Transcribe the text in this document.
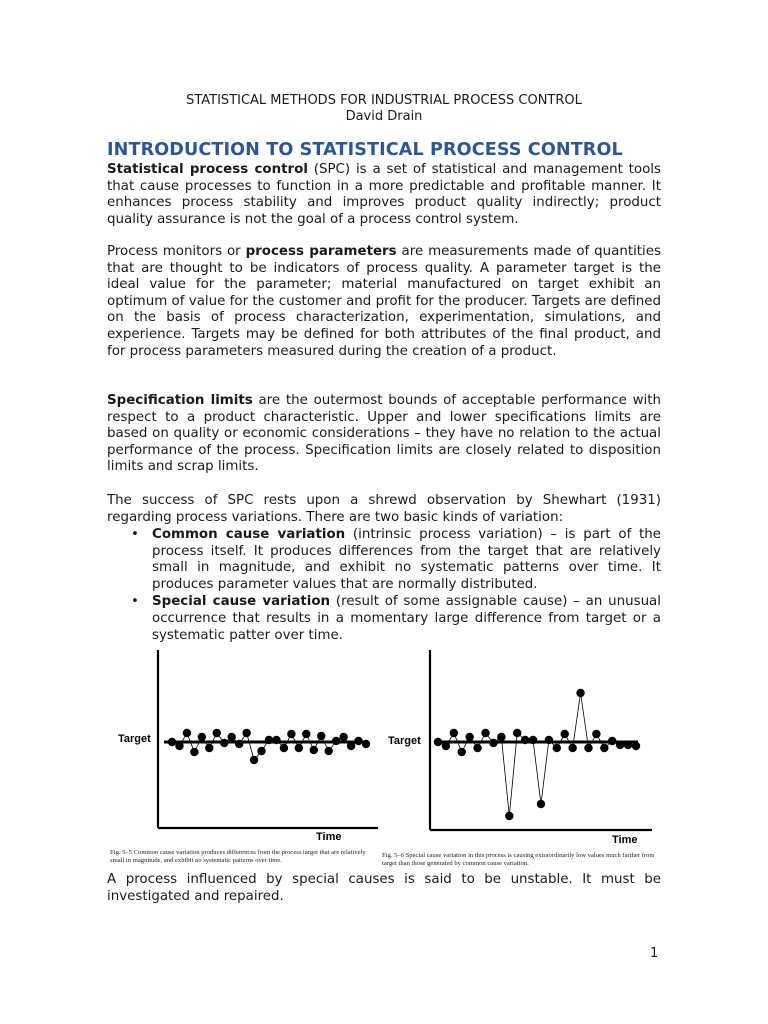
STATISTICAL METHODS FOR INDUSTRIAL PROCESS CONTROL
David Drain
INTRODUCTION TO STATISTICAL PROCESS CONTROL
Statistical process control (SPC) is a set of statistical and management tools that cause processes to function in a more predictable and profitable manner. It enhances process stability and improves product quality indirectly; product quality assurance is not the goal of a process control system.
Process monitors or process parameters are measurements made of quantities that are thought to be indicators of process quality. A parameter target is the ideal value for the parameter; material manufactured on target exhibit an optimum of value for the customer and profit for the producer. Targets are defined on the basis of process characterization, experimentation, simulations, and experience. Targets may be defined for both attributes of the final product, and for process parameters measured during the creation of a product.
Specification limits are the outermost bounds of acceptable performance with respect to a product characteristic. Upper and lower specifications limits are based on quality or economic considerations – they have no relation to the actual performance of the process. Specification limits are closely related to disposition limits and scrap limits.
The success of SPC rests upon a shrewd observation by Shewhart (1931) regarding process variations. There are two basic kinds of variation:
• Common cause variation (intrinsic process variation) – is part of the process itself. It produces differences from the target that are relatively small in magnitude, and exhibit no systematic patterns over time. It produces parameter values that are normally distributed.
• Special cause variation (result of some assignable cause) – an unusual occurrence that results in a momentary large difference from target or a systematic patter over time.
Target
Time
Fig. 5–5 Common cause variation produces differences from the process target that are relatively small in magnitude, and exhibit no systematic patterns over time.
Target
Time
Fig. 5–6 Special cause variation in this process is causing extraordinarily low values much farther from target than those generated by common cause variation.
A process influenced by special causes is said to be unstable. It must be investigated and repaired.
1
